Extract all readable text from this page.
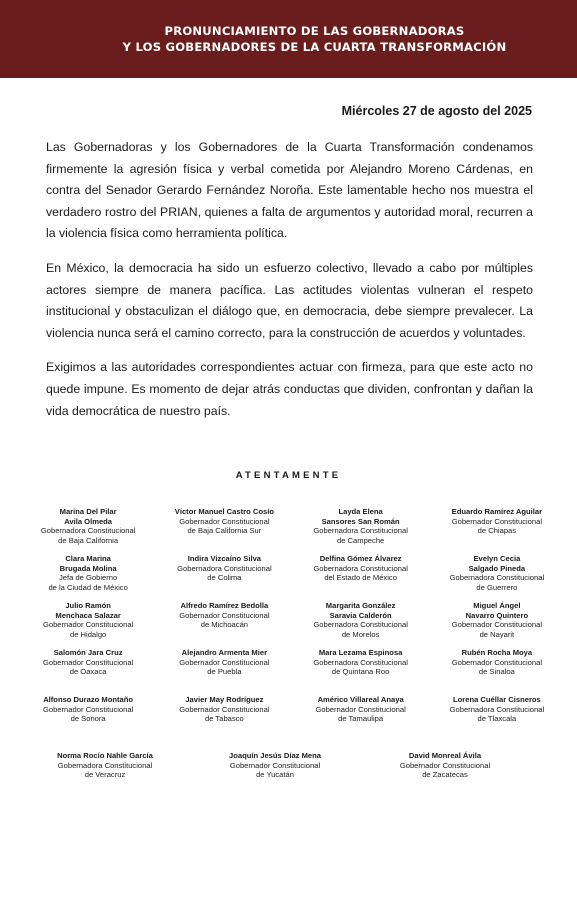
PRONUNCIAMIENTO DE LAS GOBERNADORAS
Y LOS GOBERNADORES DE LA CUARTA TRANSFORMACIÓN
Miércoles 27 de agosto del 2025

Las Gobernadoras y los Gobernadores de la Cuarta Transformación condenamos firmemente la agresión física y verbal cometida por Alejandro Moreno Cárdenas, en contra del Senador Gerardo Fernández Noroña. Este lamentable hecho nos muestra el verdadero rostro del PRIAN, quienes a falta de argumentos y autoridad moral, recurren a la violencia física como herramienta política.

En México, la democracia ha sido un esfuerzo colectivo, llevado a cabo por múltiples actores siempre de manera pacífica. Las actitudes violentas vulneran el respeto institucional y obstaculizan el diálogo que, en democracia, debe siempre prevalecer. La violencia nunca será el camino correcto, para la construcción de acuerdos y voluntades.

Exigimos a las autoridades correspondientes actuar con firmeza, para que este acto no quede impune. Es momento de dejar atrás conductas que dividen, confrontan y dañan la vida democrática de nuestro país.

ATENTAMENTE
Marina Del Pilar
Avila Olmeda
Gobernadora Constitucional
de Baja California
Víctor Manuel Castro Cosío
Gobernador Constitucional
de Baja California Sur
Layda Elena
Sansores San Román
Gobernadora Constitucional
de Campeche
Eduardo Ramírez Aguilar
Gobernador Constitucional
de Chiapas
Clara Marina
Brugada Molina
Jefa de Gobierno
de la Ciudad de México
Indira Vizcaíno Silva
Gobernadora Constitucional
de Colima
Delfina Gómez Álvarez
Gobernadora Constitucional
del Estado de México
Evelyn Cecia
Salgado Pineda
Gobernadora Constitucional
de Guerrero
Julio Ramón
Menchaca Salazar
Gobernador Constitucional
de Hidalgo
Alfredo Ramírez Bedolla
Gobernador Constitucional
de Michoacán
Margarita González
Saravia Calderón
Gobernadora Constitucional
de Morelos
Miguel Ángel
Navarro Quintero
Gobernador Constitucional
de Nayarit
Salomón Jara Cruz
Gobernador Constitucional
de Oaxaca
Alejandro Armenta Mier
Gobernador Constitucional
de Puebla
Mara Lezama Espinosa
Gobernadora Constitucional
de Quintana Roo
Rubén Rocha Moya
Gobernador Constitucional
de Sinaloa
Alfonso Durazo Montaño
Gobernador Constitucional
de Sonora
Javier May Rodríguez
Gobernador Constitucional
de Tabasco
Américo Villareal Anaya
Gobernador Constitucional
de Tamaulipa
Lorena Cuéllar Cisneros
Gobernadora Constitucional
de Tlaxcala
Norma Rocío Nahle García
Gobernadora Constitucional
de Veracruz
Joaquín Jesús Díaz Mena
Gobernador Constitucional
de Yucatán
David Monreal Ávila
Gobernador Constitucional
de Zacatecas
